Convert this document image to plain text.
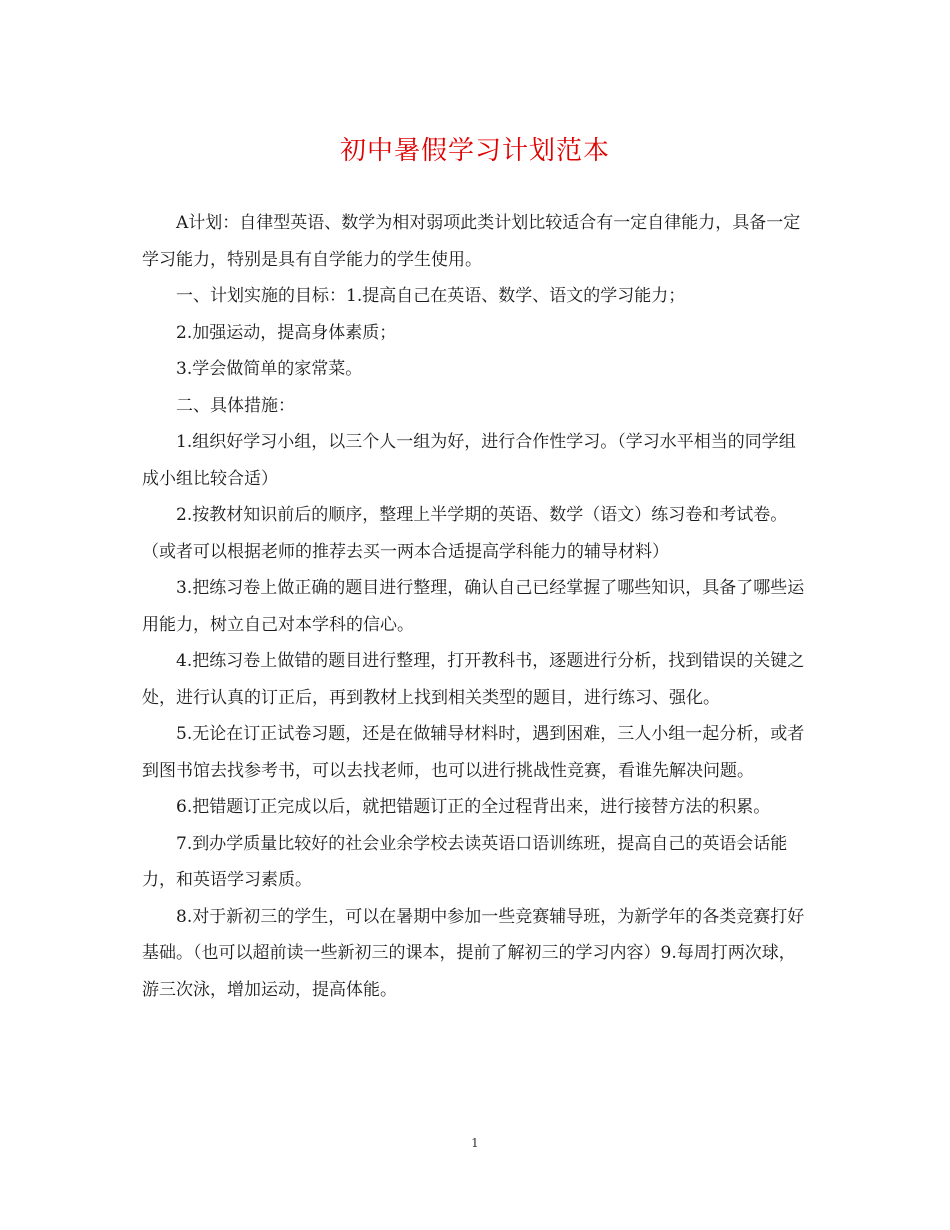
初中暑假学习计划范本

A计划：自律型英语、数学为相对弱项此类计划比较适合有一定自律能力，具备一定学习能力，特别是具有自学能力的学生使用。

一、计划实施的目标：1.提高自己在英语、数学、语文的学习能力；

2.加强运动，提高身体素质；

3.学会做简单的家常菜。

二、具体措施：

1.组织好学习小组，以三个人一组为好，进行合作性学习。（学习水平相当的同学组成小组比较合适）

2.按教材知识前后的顺序，整理上半学期的英语、数学（语文）练习卷和考试卷。（或者可以根据老师的推荐去买一两本合适提高学科能力的辅导材料）

3.把练习卷上做正确的题目进行整理，确认自己已经掌握了哪些知识，具备了哪些运用能力，树立自己对本学科的信心。

4.把练习卷上做错的题目进行整理，打开教科书，逐题进行分析，找到错误的关键之处，进行认真的订正后，再到教材上找到相关类型的题目，进行练习、强化。

5.无论在订正试卷习题，还是在做辅导材料时，遇到困难，三人小组一起分析，或者到图书馆去找参考书，可以去找老师，也可以进行挑战性竞赛，看谁先解决问题。

6.把错题订正完成以后，就把错题订正的全过程背出来，进行接替方法的积累。

7.到办学质量比较好的社会业余学校去读英语口语训练班，提高自己的英语会话能力，和英语学习素质。

8.对于新初三的学生，可以在暑期中参加一些竞赛辅导班，为新学年的各类竞赛打好基础。（也可以超前读一些新初三的课本，提前了解初三的学习内容）9.每周打两次球，游三次泳，增加运动，提高体能。

1
